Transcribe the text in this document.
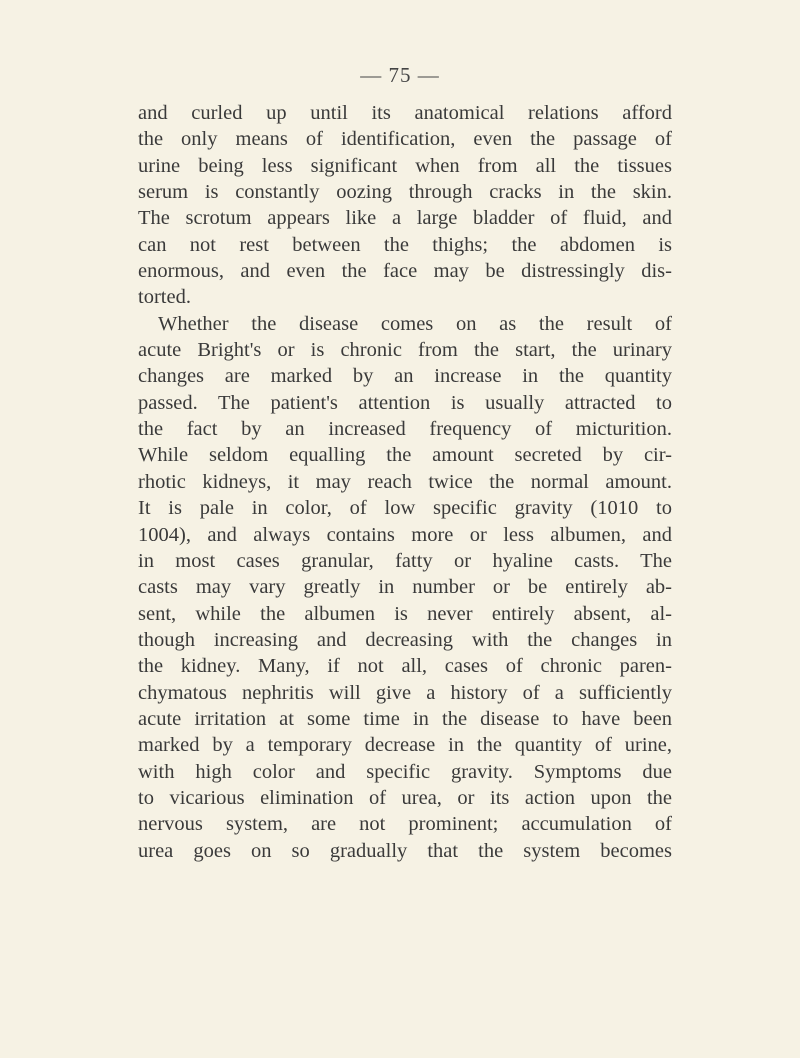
— 75 —
and curled up until its anatomical relations afford
the only means of identification, even the passage of
urine being less significant when from all the tissues
serum is constantly oozing through cracks in the skin.
The scrotum appears like a large bladder of fluid, and
can not rest between the thighs; the abdomen is
enormous, and even the face may be distressingly dis-
torted.
Whether the disease comes on as the result of
acute Bright's or is chronic from the start, the urinary
changes are marked by an increase in the quantity
passed. The patient's attention is usually attracted to
the fact by an increased frequency of micturition.
While seldom equalling the amount secreted by cir-
rhotic kidneys, it may reach twice the normal amount.
It is pale in color, of low specific gravity (1010 to
1004), and always contains more or less albumen, and
in most cases granular, fatty or hyaline casts. The
casts may vary greatly in number or be entirely ab-
sent, while the albumen is never entirely absent, al-
though increasing and decreasing with the changes in
the kidney. Many, if not all, cases of chronic paren-
chymatous nephritis will give a history of a sufficiently
acute irritation at some time in the disease to have been
marked by a temporary decrease in the quantity of urine,
with high color and specific gravity. Symptoms due
to vicarious elimination of urea, or its action upon the
nervous system, are not prominent; accumulation of
urea goes on so gradually that the system becomes
